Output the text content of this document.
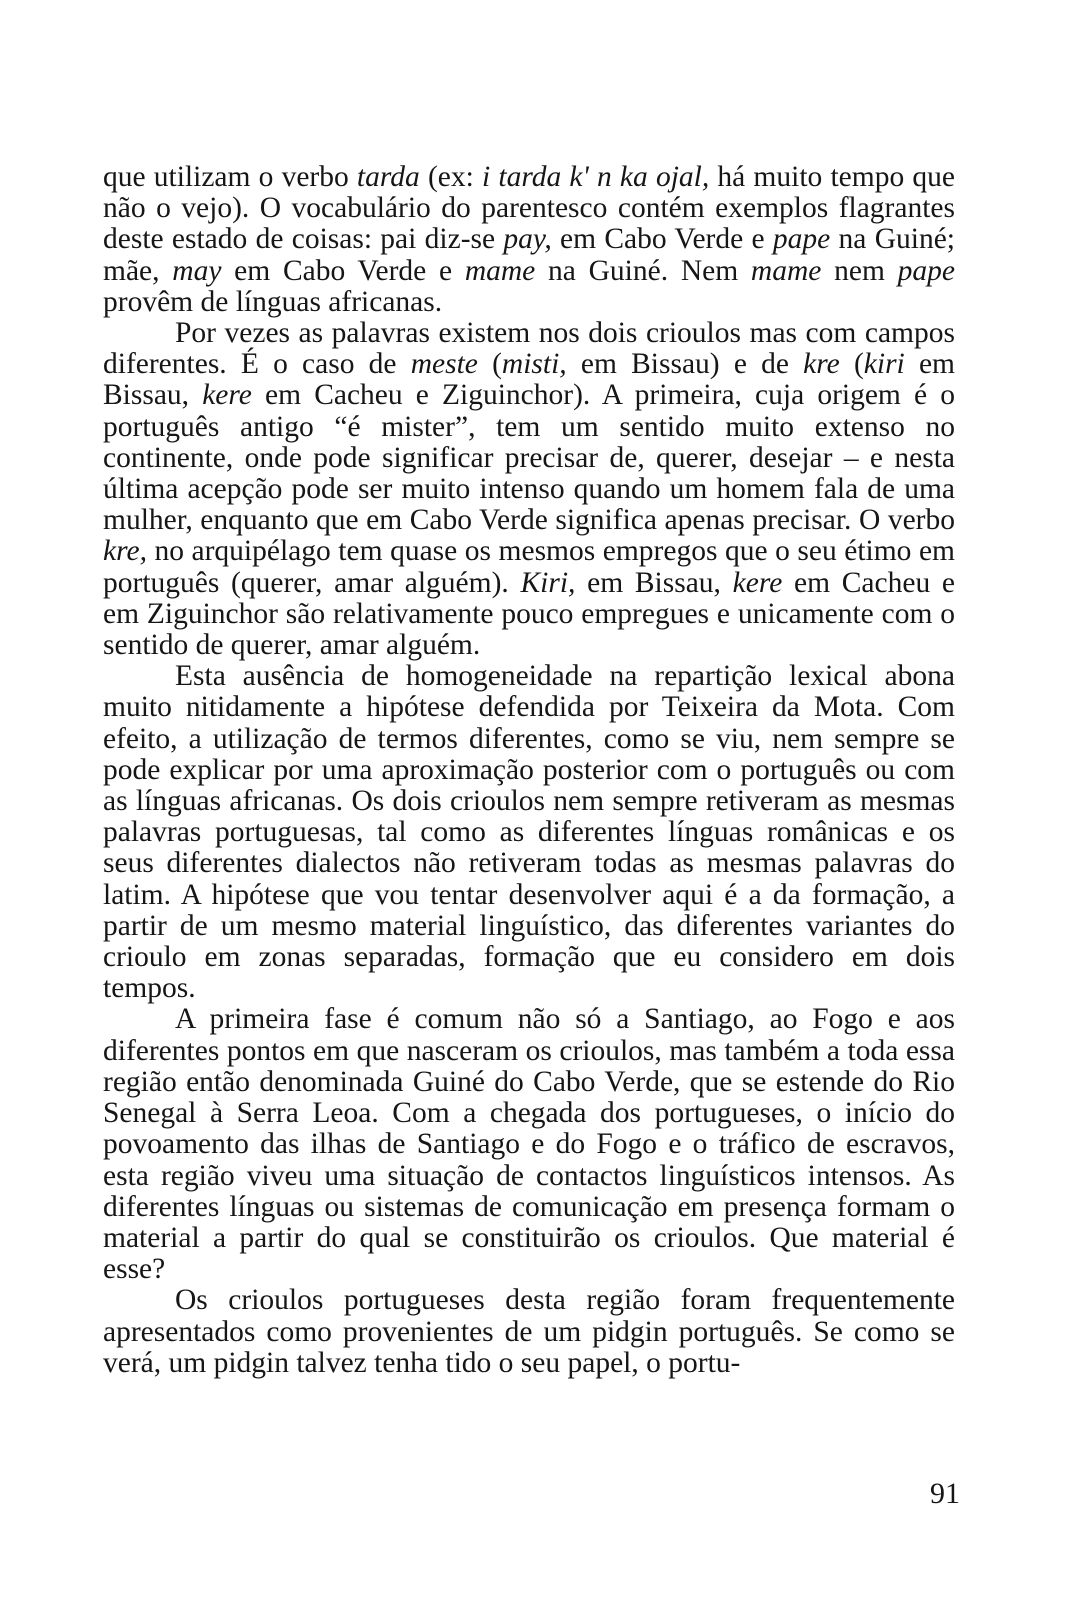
que utilizam o verbo tarda (ex: i tarda k' n ka ojal, há muito tempo que não o vejo). O vocabulário do parentesco contém exemplos flagrantes deste estado de coisas: pai diz-se pay, em Cabo Verde e pape na Guiné; mãe, may em Cabo Verde e mame na Guiné. Nem mame nem pape provêm de línguas africanas.

Por vezes as palavras existem nos dois crioulos mas com campos diferentes. É o caso de meste (misti, em Bissau) e de kre (kiri em Bissau, kere em Cacheu e Ziguinchor). A primeira, cuja origem é o português antigo “é mister”, tem um sentido muito extenso no continente, onde pode significar precisar de, querer, desejar – e nesta última acepção pode ser muito intenso quando um homem fala de uma mulher, enquanto que em Cabo Verde significa apenas precisar. O verbo kre, no arquipélago tem quase os mesmos empregos que o seu étimo em português (querer, amar alguém). Kiri, em Bissau, kere em Cacheu e em Ziguinchor são relativamente pouco empregues e unicamente com o sentido de querer, amar alguém.

Esta ausência de homogeneidade na repartição lexical abona muito nitidamente a hipótese defendida por Teixeira da Mota. Com efeito, a utilização de termos diferentes, como se viu, nem sempre se pode explicar por uma aproximação posterior com o português ou com as línguas africanas. Os dois crioulos nem sempre retiveram as mesmas palavras portuguesas, tal como as diferentes línguas românicas e os seus diferentes dialectos não retiveram todas as mesmas palavras do latim. A hipótese que vou tentar desenvolver aqui é a da formação, a partir de um mesmo material linguístico, das diferentes variantes do crioulo em zonas separadas, formação que eu considero em dois tempos.

A primeira fase é comum não só a Santiago, ao Fogo e aos diferentes pontos em que nasceram os crioulos, mas também a toda essa região então denominada Guiné do Cabo Verde, que se estende do Rio Senegal à Serra Leoa. Com a chegada dos portugueses, o início do povoamento das ilhas de Santiago e do Fogo e o tráfico de escravos, esta região viveu uma situação de contactos linguísticos intensos. As diferentes línguas ou sistemas de comunicação em presença formam o material a partir do qual se constituirão os crioulos. Que material é esse?

Os crioulos portugueses desta região foram frequentemente apresentados como provenientes de um pidgin português. Se como se verá, um pidgin talvez tenha tido o seu papel, o portu-

91
